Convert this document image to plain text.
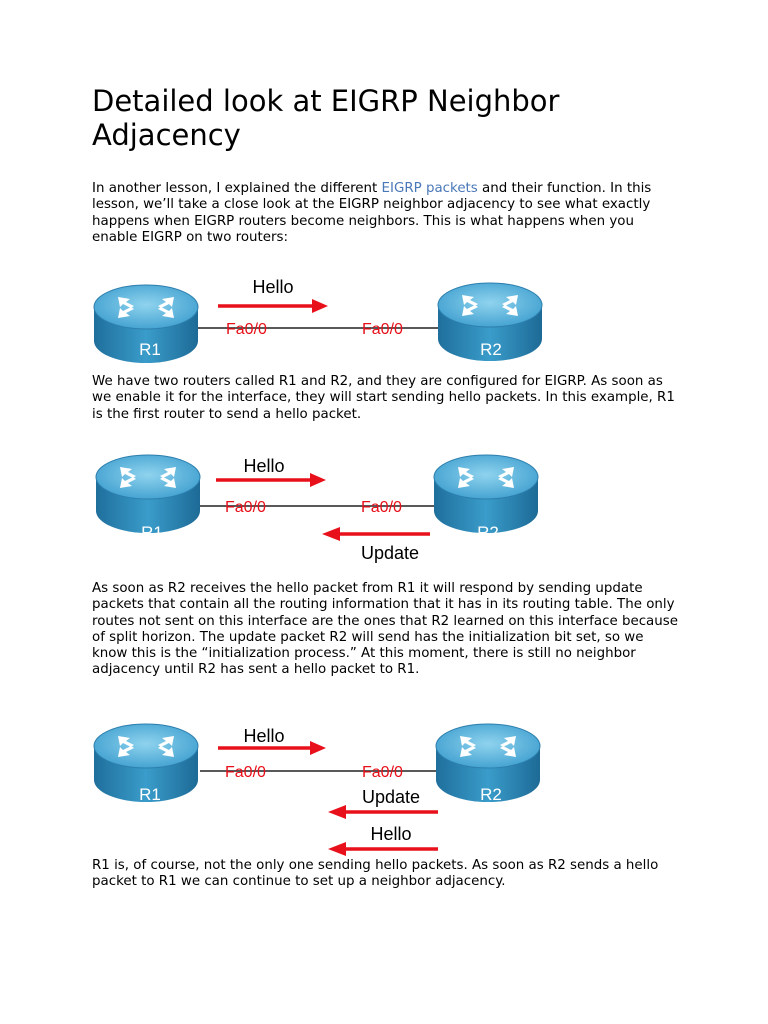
Detailed look at EIGRP Neighbor Adjacency

In another lesson, I explained the different EIGRP packets and their function. In this lesson, we’ll take a close look at the EIGRP neighbor adjacency to see what exactly happens when EIGRP routers become neighbors. This is what happens when you enable EIGRP on two routers:

R1	R2
Fa0/0	Fa0/0
Hello

We have two routers called R1 and R2, and they are configured for EIGRP. As soon as we enable it for the interface, they will start sending hello packets. In this example, R1 is the first router to send a hello packet.

R1	R2
Fa0/0	Fa0/0
Hello
Update

As soon as R2 receives the hello packet from R1 it will respond by sending update packets that contain all the routing information that it has in its routing table. The only routes not sent on this interface are the ones that R2 learned on this interface because of split horizon. The update packet R2 will send has the initialization bit set, so we know this is the “initialization process.” At this moment, there is still no neighbor adjacency until R2 has sent a hello packet to R1.

R1	R2
Fa0/0	Fa0/0
Hello
Update
Hello

R1 is, of course, not the only one sending hello packets. As soon as R2 sends a hello packet to R1 we can continue to set up a neighbor adjacency.
